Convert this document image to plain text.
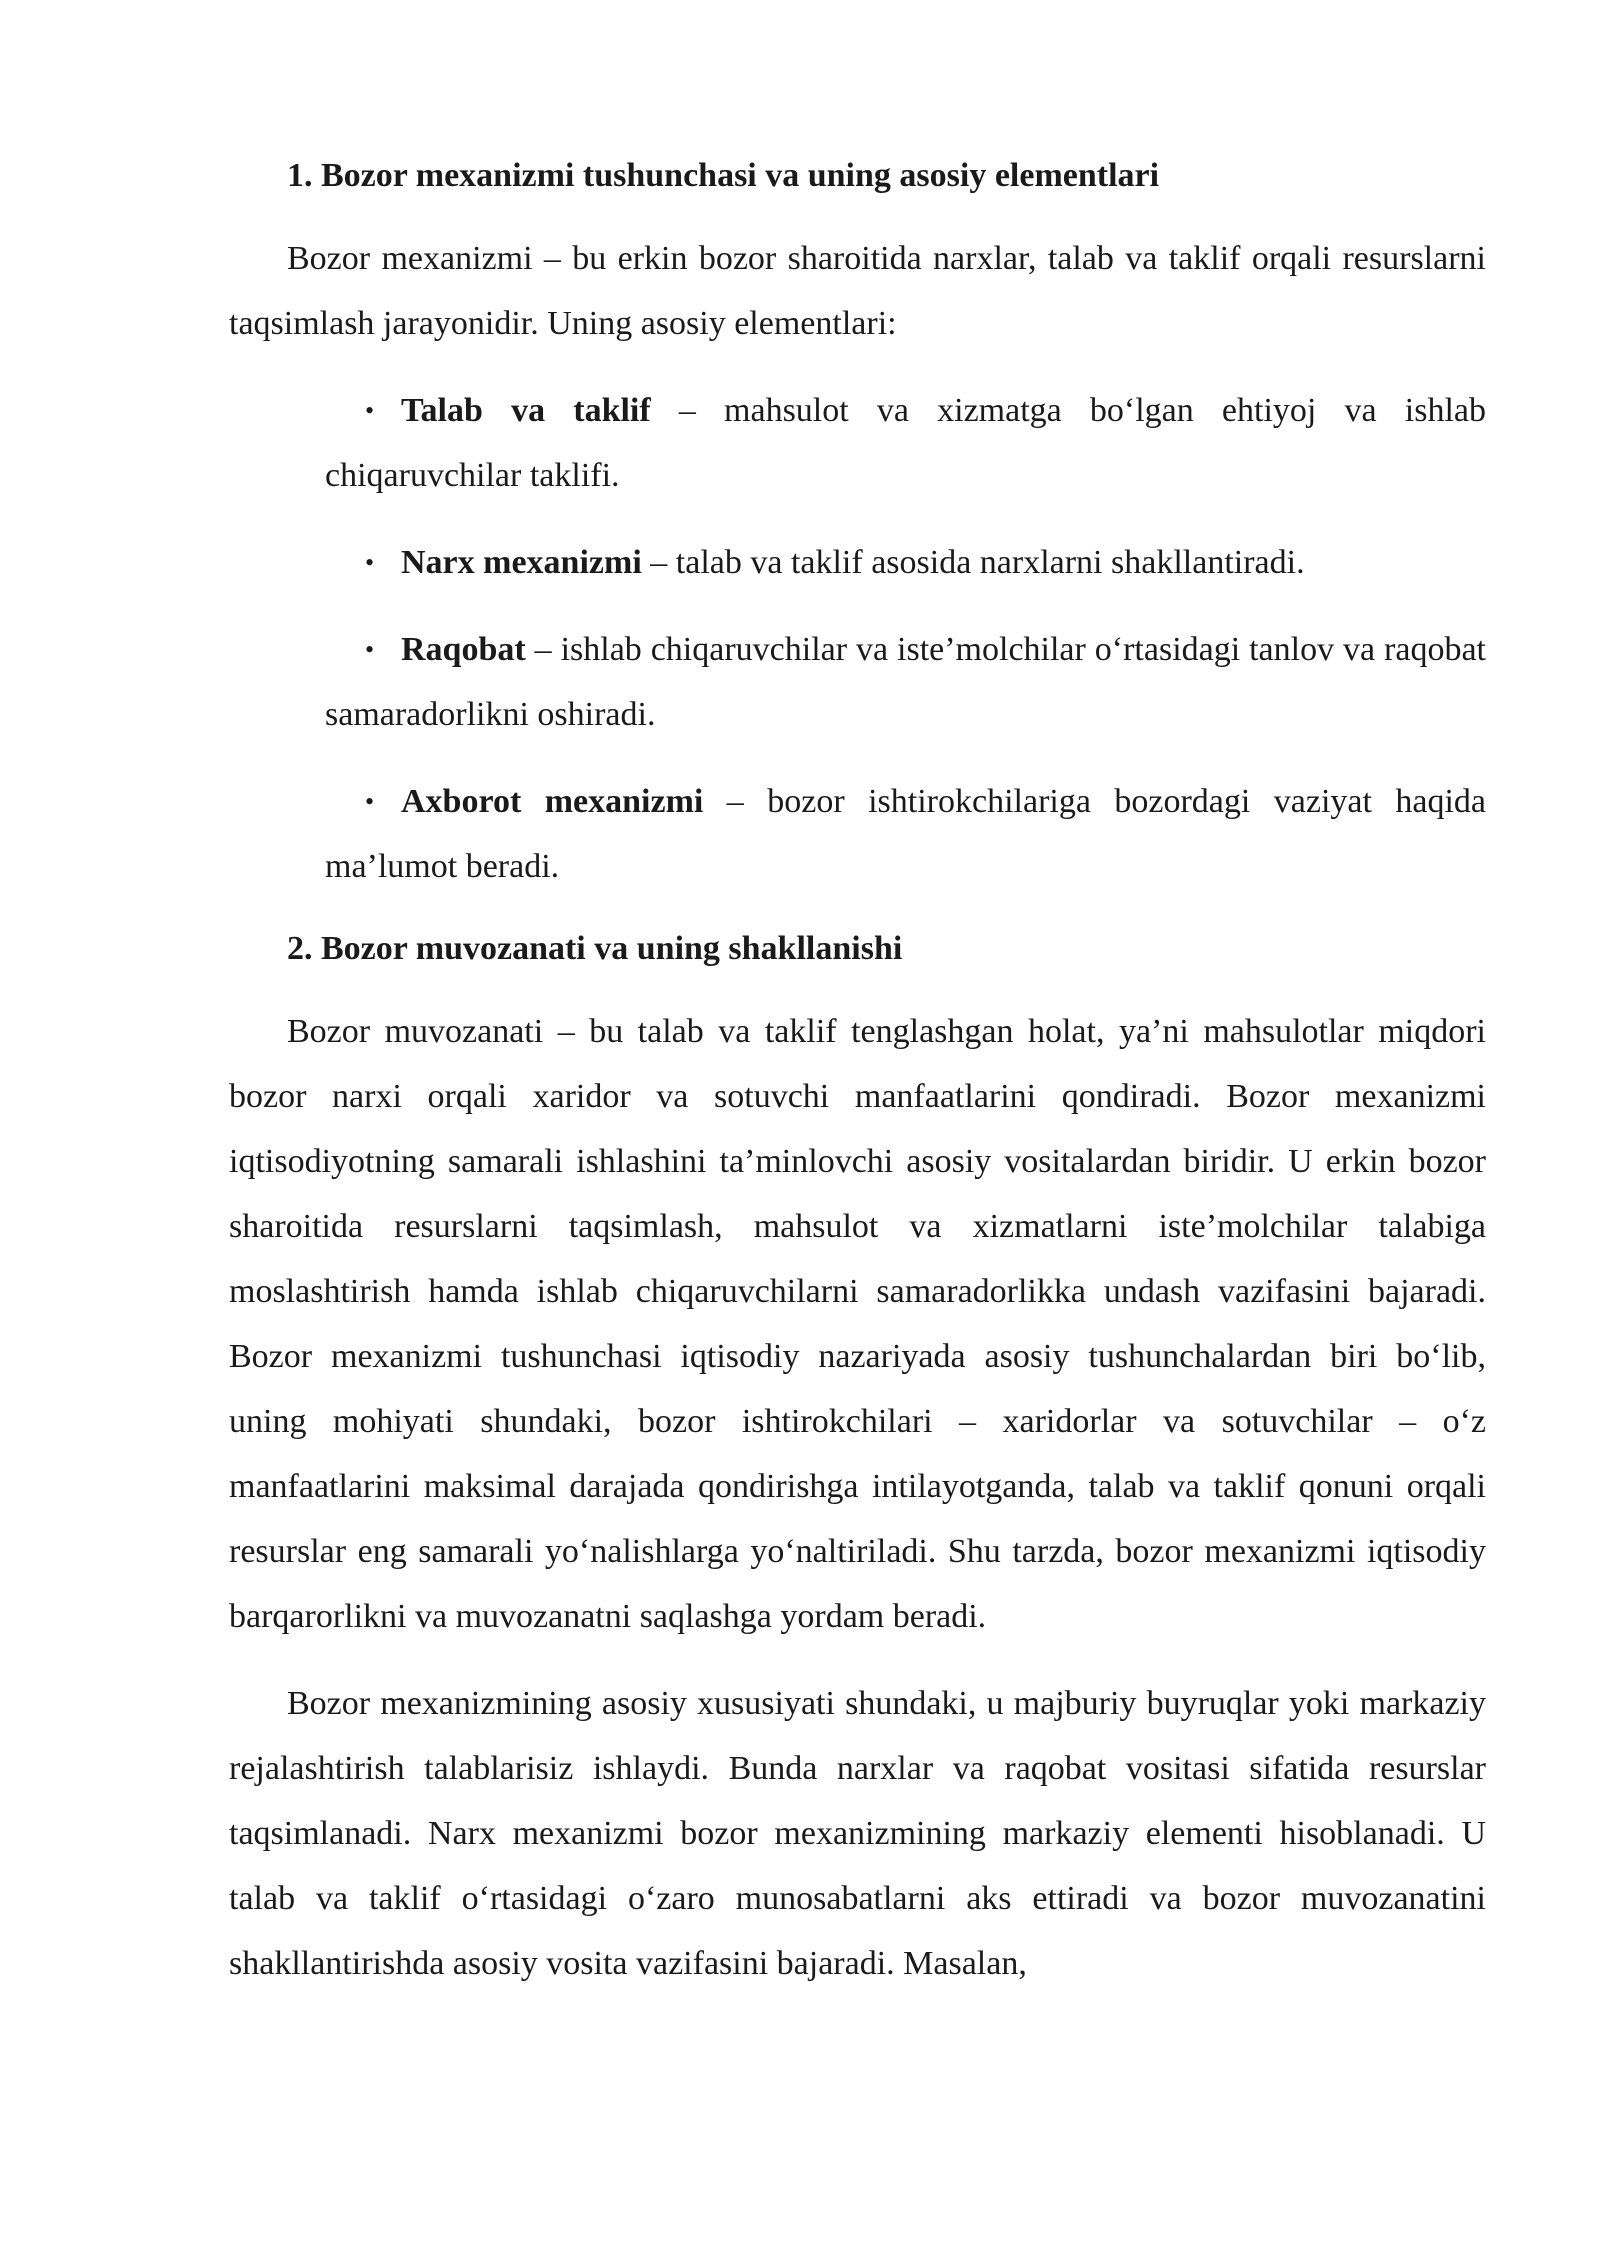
1. Bozor mexanizmi tushunchasi va uning asosiy elementlari

Bozor mexanizmi – bu erkin bozor sharoitida narxlar, talab va taklif orqali resurslarni taqsimlash jarayonidir. Uning asosiy elementlari:

• Talab va taklif – mahsulot va xizmatga bo‘lgan ehtiyoj va ishlab chiqaruvchilar taklifi.
• Narx mexanizmi – talab va taklif asosida narxlarni shakllantiradi.
• Raqobat – ishlab chiqaruvchilar va iste’molchilar o‘rtasidagi tanlov va raqobat samaradorlikni oshiradi.
• Axborot mexanizmi – bozor ishtirokchilariga bozordagi vaziyat haqida ma’lumot beradi.
2. Bozor muvozanati va uning shakllanishi

Bozor muvozanati – bu talab va taklif tenglashgan holat, ya’ni mahsulotlar miqdori bozor narxi orqali xaridor va sotuvchi manfaatlarini qondiradi. Bozor mexanizmi iqtisodiyotning samarali ishlashini ta’minlovchi asosiy vositalardan biridir. U erkin bozor sharoitida resurslarni taqsimlash, mahsulot va xizmatlarni iste’molchilar talabiga moslashtirish hamda ishlab chiqaruvchilarni samaradorlikka undash vazifasini bajaradi. Bozor mexanizmi tushunchasi iqtisodiy nazariyada asosiy tushunchalardan biri bo‘lib, uning mohiyati shundaki, bozor ishtirokchilari – xaridorlar va sotuvchilar – o‘z manfaatlarini maksimal darajada qondirishga intilayotganda, talab va taklif qonuni orqali resurslar eng samarali yo‘nalishlarga yo‘naltiriladi. Shu tarzda, bozor mexanizmi iqtisodiy barqarorlikni va muvozanatni saqlashga yordam beradi.

Bozor mexanizmining asosiy xususiyati shundaki, u majburiy buyruqlar yoki markaziy rejalashtirish talablarisiz ishlaydi. Bunda narxlar va raqobat vositasi sifatida resurslar taqsimlanadi. Narx mexanizmi bozor mexanizmining markaziy elementi hisoblanadi. U talab va taklif o‘rtasidagi o‘zaro munosabatlarni aks ettiradi va bozor muvozanatini shakllantirishda asosiy vosita vazifasini bajaradi. Masalan,
